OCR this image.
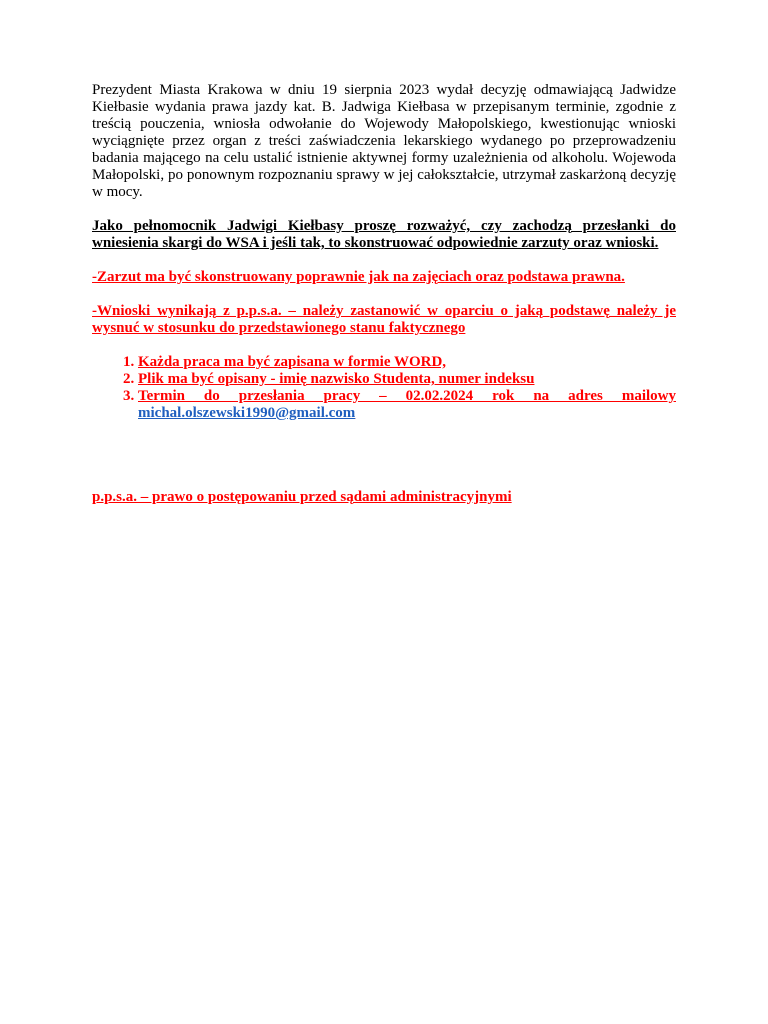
Prezydent Miasta Krakowa w dniu 19 sierpnia 2023 wydał decyzję odmawiającą Jadwidze Kiełbasie wydania prawa jazdy kat. B. Jadwiga Kiełbasa w przepisanym terminie, zgodnie z treścią pouczenia, wniosła odwołanie do Wojewody Małopolskiego, kwestionując wnioski wyciągnięte przez organ z treści zaświadczenia lekarskiego wydanego po przeprowadzeniu badania mającego na celu ustalić istnienie aktywnej formy uzależnienia od alkoholu. Wojewoda Małopolski, po ponownym rozpoznaniu sprawy w jej całokształcie, utrzymał zaskarżoną decyzję w mocy.

Jako pełnomocnik Jadwigi Kiełbasy proszę rozważyć, czy zachodzą przesłanki do wniesienia skargi do WSA i jeśli tak, to skonstruować odpowiednie zarzuty oraz wnioski.

-Zarzut ma być skonstruowany poprawnie jak na zajęciach oraz podstawa prawna.

-Wnioski wynikają z p.p.s.a. – należy zastanowić w oparciu o jaką podstawę należy je wysnuć w stosunku do przedstawionego stanu faktycznego

1. Każda praca ma być zapisana w formie WORD,
2. Plik ma być opisany - imię nazwisko Studenta, numer indeksu
3. Termin do przesłania pracy – 02.02.2024 rok na adres mailowy michal.olszewski1990@gmail.com

p.p.s.a. – prawo o postępowaniu przed sądami administracyjnymi
